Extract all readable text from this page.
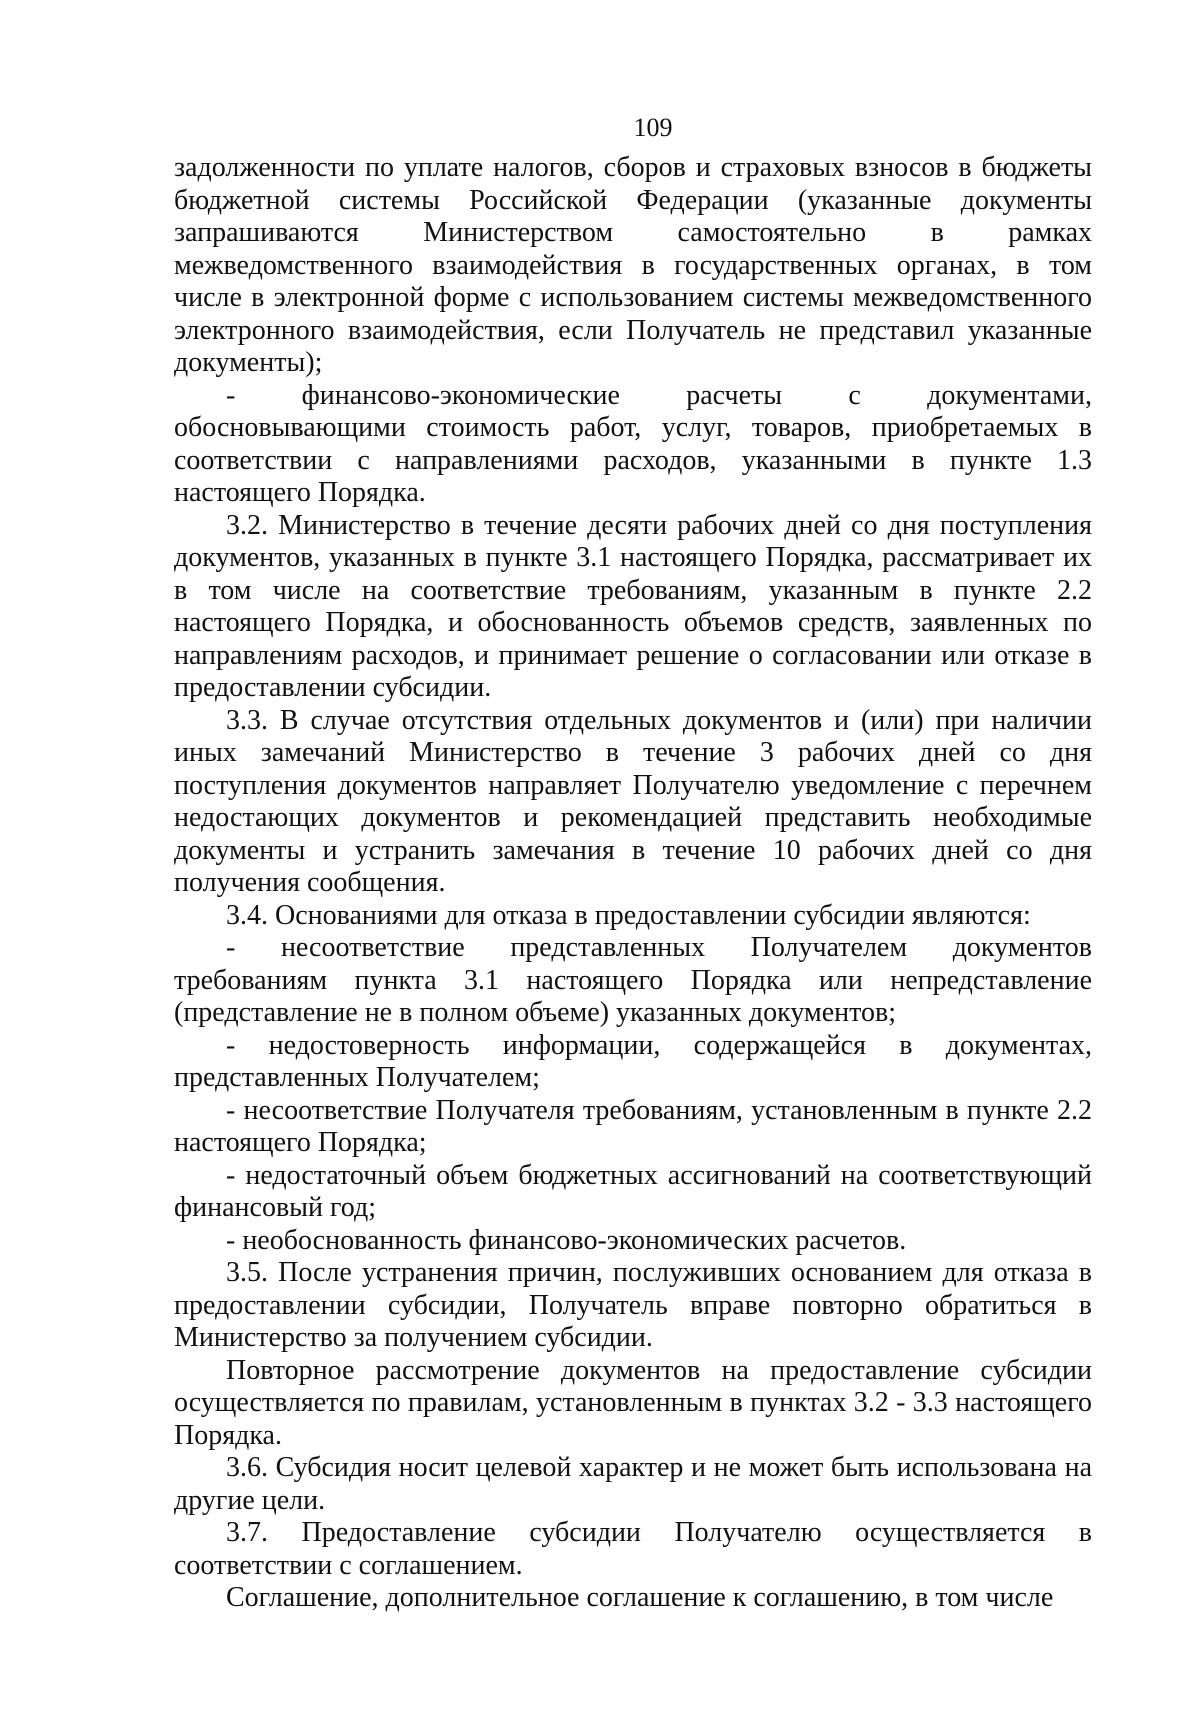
109

задолженности по уплате налогов, сборов и страховых взносов в бюджеты бюджетной системы Российской Федерации (указанные документы запрашиваются Министерством самостоятельно в рамках межведомственного взаимодействия в государственных органах, в том числе в электронной форме с использованием системы межведомственного электронного взаимодействия, если Получатель не представил указанные документы);

- финансово-экономические расчеты с документами, обосновывающими стоимость работ, услуг, товаров, приобретаемых в соответствии с направлениями расходов, указанными в пункте 1.3 настоящего Порядка.

3.2. Министерство в течение десяти рабочих дней со дня поступления документов, указанных в пункте 3.1 настоящего Порядка, рассматривает их в том числе на соответствие требованиям, указанным в пункте 2.2 настоящего Порядка, и обоснованность объемов средств, заявленных по направлениям расходов, и принимает решение о согласовании или отказе в предоставлении субсидии.

3.3. В случае отсутствия отдельных документов и (или) при наличии иных замечаний Министерство в течение 3 рабочих дней со дня поступления документов направляет Получателю уведомление с перечнем недостающих документов и рекомендацией представить необходимые документы и устранить замечания в течение 10 рабочих дней со дня получения сообщения.

3.4. Основаниями для отказа в предоставлении субсидии являются:

- несоответствие представленных Получателем документов требованиям пункта 3.1 настоящего Порядка или непредставление (представление не в полном объеме) указанных документов;

- недостоверность информации, содержащейся в документах, представленных Получателем;

- несоответствие Получателя требованиям, установленным в пункте 2.2 настоящего Порядка;

- недостаточный объем бюджетных ассигнований на соответствующий финансовый год;

- необоснованность финансово-экономических расчетов.

3.5. После устранения причин, послуживших основанием для отказа в предоставлении субсидии, Получатель вправе повторно обратиться в Министерство за получением субсидии.

Повторное рассмотрение документов на предоставление субсидии осуществляется по правилам, установленным в пунктах 3.2 - 3.3 настоящего Порядка.

3.6. Субсидия носит целевой характер и не может быть использована на другие цели.

3.7. Предоставление субсидии Получателю осуществляется в соответствии с соглашением.

Соглашение, дополнительное соглашение к соглашению, в том числе
